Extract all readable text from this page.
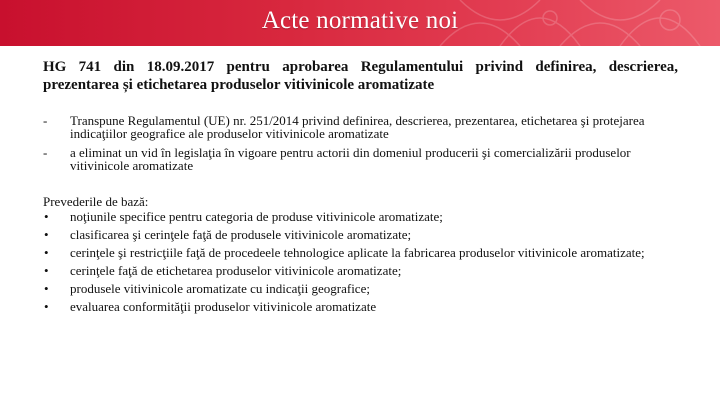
Acte normative noi
HG 741 din 18.09.2017 pentru aprobarea Regulamentului privind definirea, descrierea, prezentarea și etichetarea produselor vitivinicole aromatizate
- Transpune Regulamentul (UE) nr. 251/2014 privind definirea, descrierea, prezentarea, etichetarea şi protejarea indicaţiilor geografice ale produselor vitivinicole aromatizate
- a eliminat un vid în legislaţia în vigoare pentru actorii din domeniul producerii şi comercializării produselor vitivinicole aromatizate
Prevederile de bază:
• noţiunile specifice pentru categoria de produse vitivinicole aromatizate;
• clasificarea şi cerinţele faţă de produsele vitivinicole aromatizate;
• cerinţele şi restricţiile faţă de procedeele tehnologice aplicate la fabricarea produselor vitivinicole aromatizate;
• cerinţele faţă de etichetarea produselor vitivinicole aromatizate;
• produsele vitivinicole aromatizate cu indicaţii geografice;
• evaluarea conformităţii produselor vitivinicole aromatizate
